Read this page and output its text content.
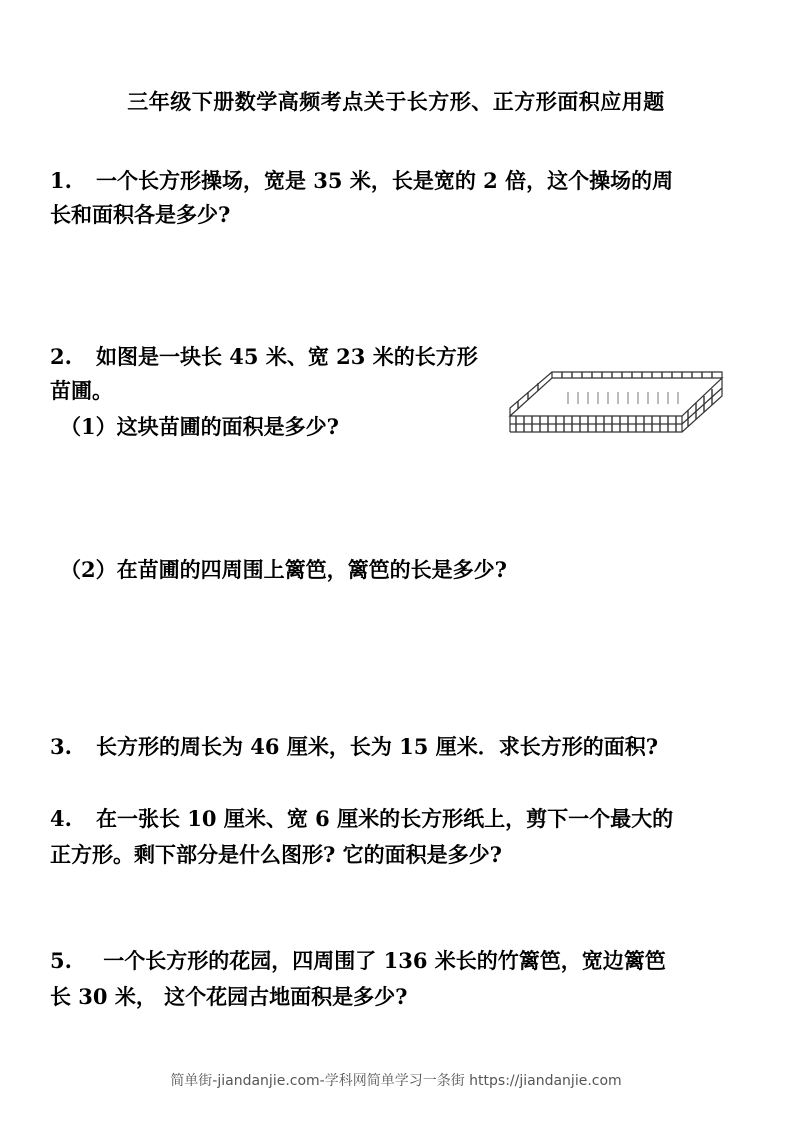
三年级下册数学高频考点关于长方形、正方形面积应用题
1. 一个长方形操场，宽是 35 米，长是宽的 2 倍，这个操场的周
长和面积各是多少?
2. 如图是一块长 45 米、宽 23 米的长方形
苗圃。
（1）这块苗圃的面积是多少?
（2）在苗圃的四周围上篱笆，篱笆的长是多少?
3. 长方形的周长为 46 厘米，长为 15 厘米．求长方形的面积?
4. 在一张长 10 厘米、宽 6 厘米的长方形纸上，剪下一个最大的
正方形。剩下部分是什么图形? 它的面积是多少?
5. 一个长方形的花园，四周围了 136 米长的竹篱笆，宽边篱笆
长 30 米， 这个花园古地面积是多少?
简单街-jiandanjie.com-学科网简单学习一条街 https://jiandanjie.com
